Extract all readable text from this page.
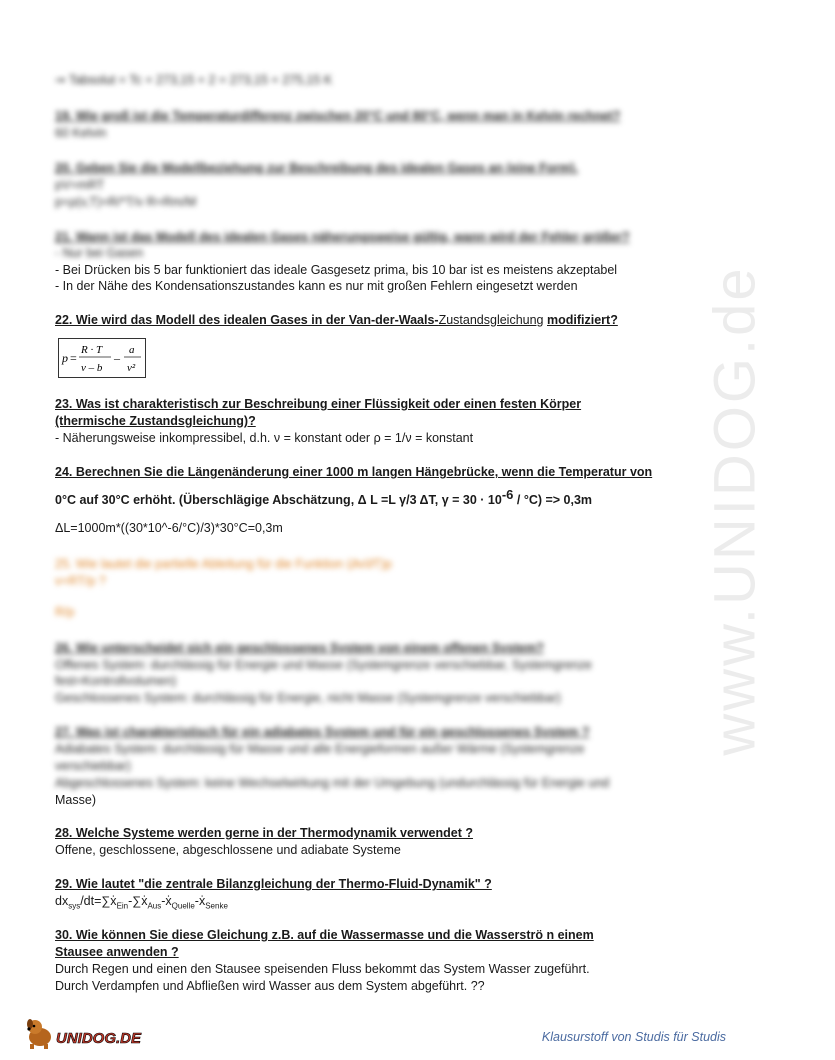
www.UNIDOG.de
⇒ Tabsolut = Tc + 273,15 + 2 = 273,15 + 275,15 K
19. Wie groß ist die Temperaturdifferenz zwischen 20°C und 80°C, wenn man in Kelvin rechnet?
60 Kelvin
20. Geben Sie die Modellbeziehung zur Beschreibung des idealen Gases an (eine Form).
pV=mRT
p=ρ(v,T)=R/*T/v R=Rm/M
21. Wann ist das Modell des idealen Gases näherungsweise gültig, wann wird der Fehler größer?
- Nur bei Gasen
- Bei Drücken bis 5 bar funktioniert das ideale Gasgesetz prima, bis 10 bar ist es meistens akzeptabel
- In der Nähe des Kondensationszustandes kann es nur mit großen Fehlern eingesetzt werden
22. Wie wird das Modell des idealen Gases in der Van-der-Waals-Zustandsgleichung modifiziert?
p =
R · T
v – b
–
a
v²
23. Was ist charakteristisch zur Beschreibung einer Flüssigkeit oder einen festen Körper (thermische Zustandsgleichung)?
- Näherungsweise inkompressibel, d.h. ν = konstant oder ρ = 1/ν = konstant
24. Berechnen Sie die Längenänderung einer 1000 m langen Hängebrücke, wenn die Temperatur von
0°C auf 30°C erhöht. (Überschlägige Abschätzung, Δ L =L γ/3 ΔT, γ = 30 · 10-6 / °C) => 0,3m
ΔL=1000m*((30*10^-6/°C)/3)*30°C=0,3m
25. Wie lautet die partielle Ableitung für die Funktion (∂v/∂T)p
v=RT/p ?
R/p
26. Wie unterscheidet sich ein geschlossenes System von einem offenen System?
Offenes System: durchlässig für Energie und Masse (Systemgrenze verschiebbar, Systemgrenze
fest=Kontrollvolumen)
Geschlossenes System: durchlässig für Energie, nicht Masse (Systemgrenze verschiebbar)
27. Was ist charakteristisch für ein adiabates System und für ein geschlossenes System ?
Adiabates System: durchlässig für Masse und alle Energieformen außer Wärme (Systemgrenze
verschiebbar)
Abgeschlossenes System: keine Wechselwirkung mit der Umgebung (undurchlässig für Energie und
Masse)
28. Welche Systeme werden gerne in der Thermodynamik verwendet ?
Offene, geschlossene, abgeschlossene und adiabate Systeme
29. Wie lautet "die zentrale Bilanzgleichung der Thermo-Fluid-Dynamik" ?
$dx_{sys}/dt=\sum ẋ_{Ein}-\sum ẋ_{Aus}-ẋ_{Quelle}-ẋ_{Senke}$
30. Wie können Sie diese Gleichung z.B. auf die Wassermasse und die Wasserströ n einem Stausee anwenden ?
Durch Regen und einen den Stausee speisenden Fluss bekommt das System Wasser zugeführt.
Durch Verdampfen und Abfließen wird Wasser aus dem System abgeführt. ??
UNIDOG.DE	Klausurstoff von Studis für Studis
